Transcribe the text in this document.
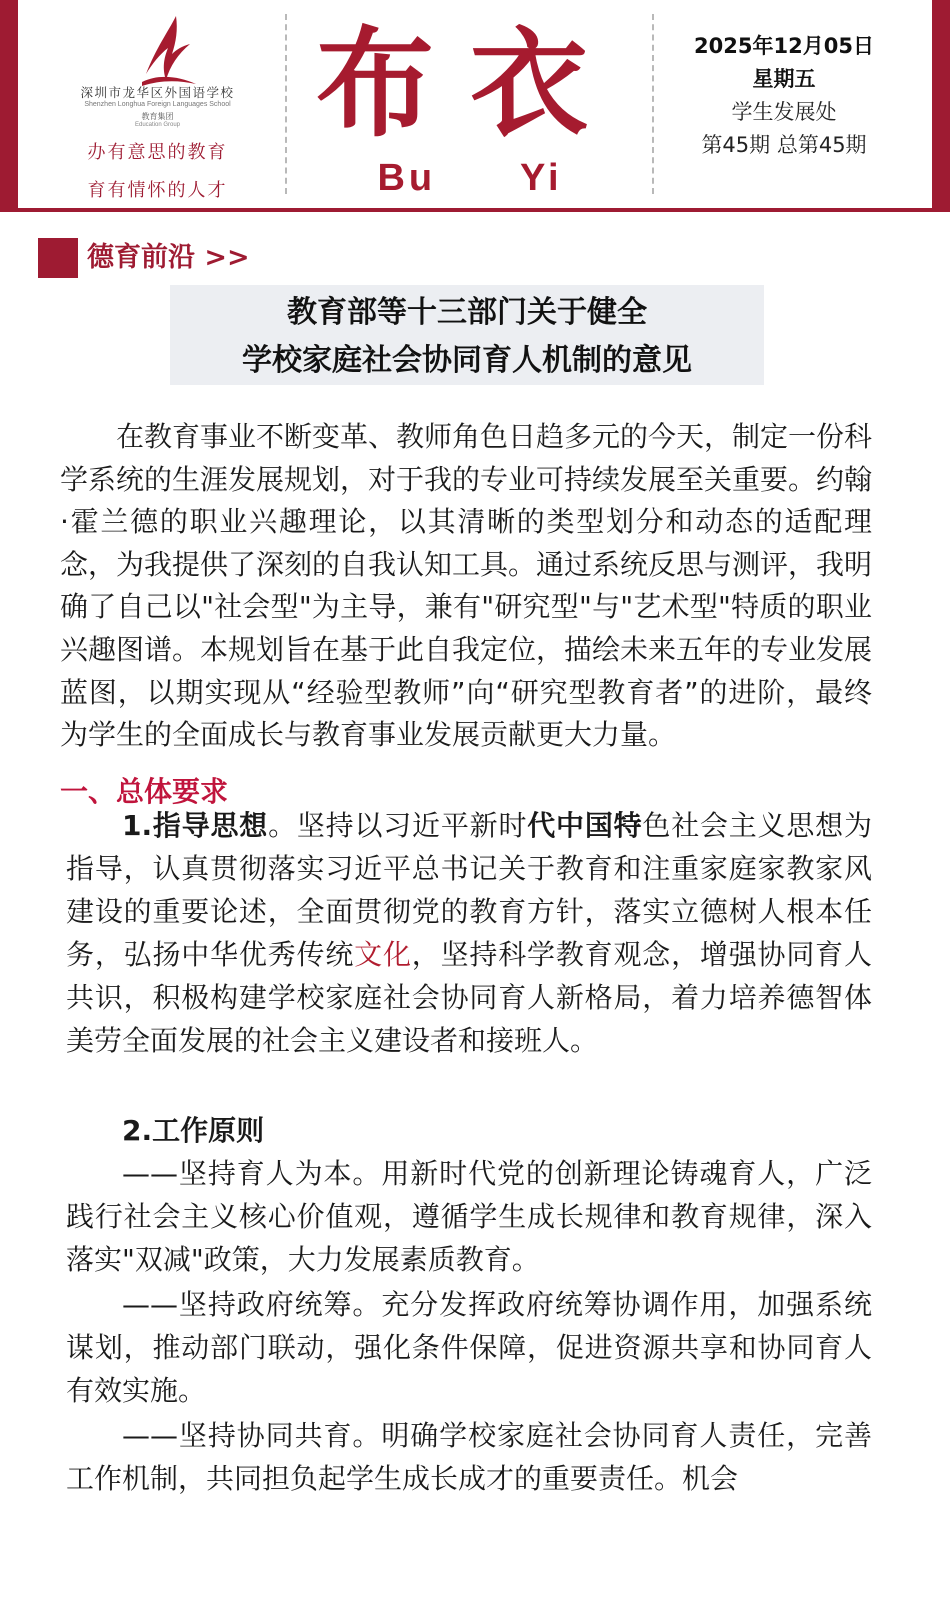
深圳市龙华区外国语学校
Shenzhen Longhua Foreign Languages School
教育集团
Education Group
办有意思的教育
育有情怀的人才
布衣
Bu Yi
2025年12月05日
星期五
学生发展处
第45期 总第45期
德育前沿 >>
教育部等十三部门关于健全
学校家庭社会协同育人机制的意见

在教育事业不断变革、教师角色日趋多元的今天，制定一份科学系统的生涯发展规划，对于我的专业可持续发展至关重要。约翰·霍兰德的职业兴趣理论，以其清晰的类型划分和动态的适配理念，为我提供了深刻的自我认知工具。通过系统反思与测评，我明确了自己以"社会型"为主导，兼有"研究型"与"艺术型"特质的职业兴趣图谱。本规划旨在基于此自我定位，描绘未来五年的专业发展蓝图，以期实现从“经验型教师”向“研究型教育者”的进阶，最终为学生的全面成长与教育事业发展贡献更大力量。

1.指导思想。坚持以习近平新时代中国特色社会主义思想为指导，认真贯彻落实习近平总书记关于教育和注重家庭家教家风建设的重要论述，全面贯彻党的教育方针，落实立德树人根本任务，弘扬中华优秀传统文化，坚持科学教育观念，增强协同育人共识，积极构建学校家庭社会协同育人新格局，着力培养德智体美劳全面发展的社会主义建设者和接班人。

一、总体要求

2.工作原则

——坚持育人为本。用新时代党的创新理论铸魂育人，广泛践行社会主义核心价值观，遵循学生成长规律和教育规律，深入落实"双减"政策，大力发展素质教育。

——坚持政府统筹。充分发挥政府统筹协调作用，加强系统谋划，推动部门联动，强化条件保障，促进资源共享和协同育人有效实施。

——坚持协同共育。明确学校家庭社会协同育人责任，完善工作机制，共同担负起学生成长成才的重要责任。机会
